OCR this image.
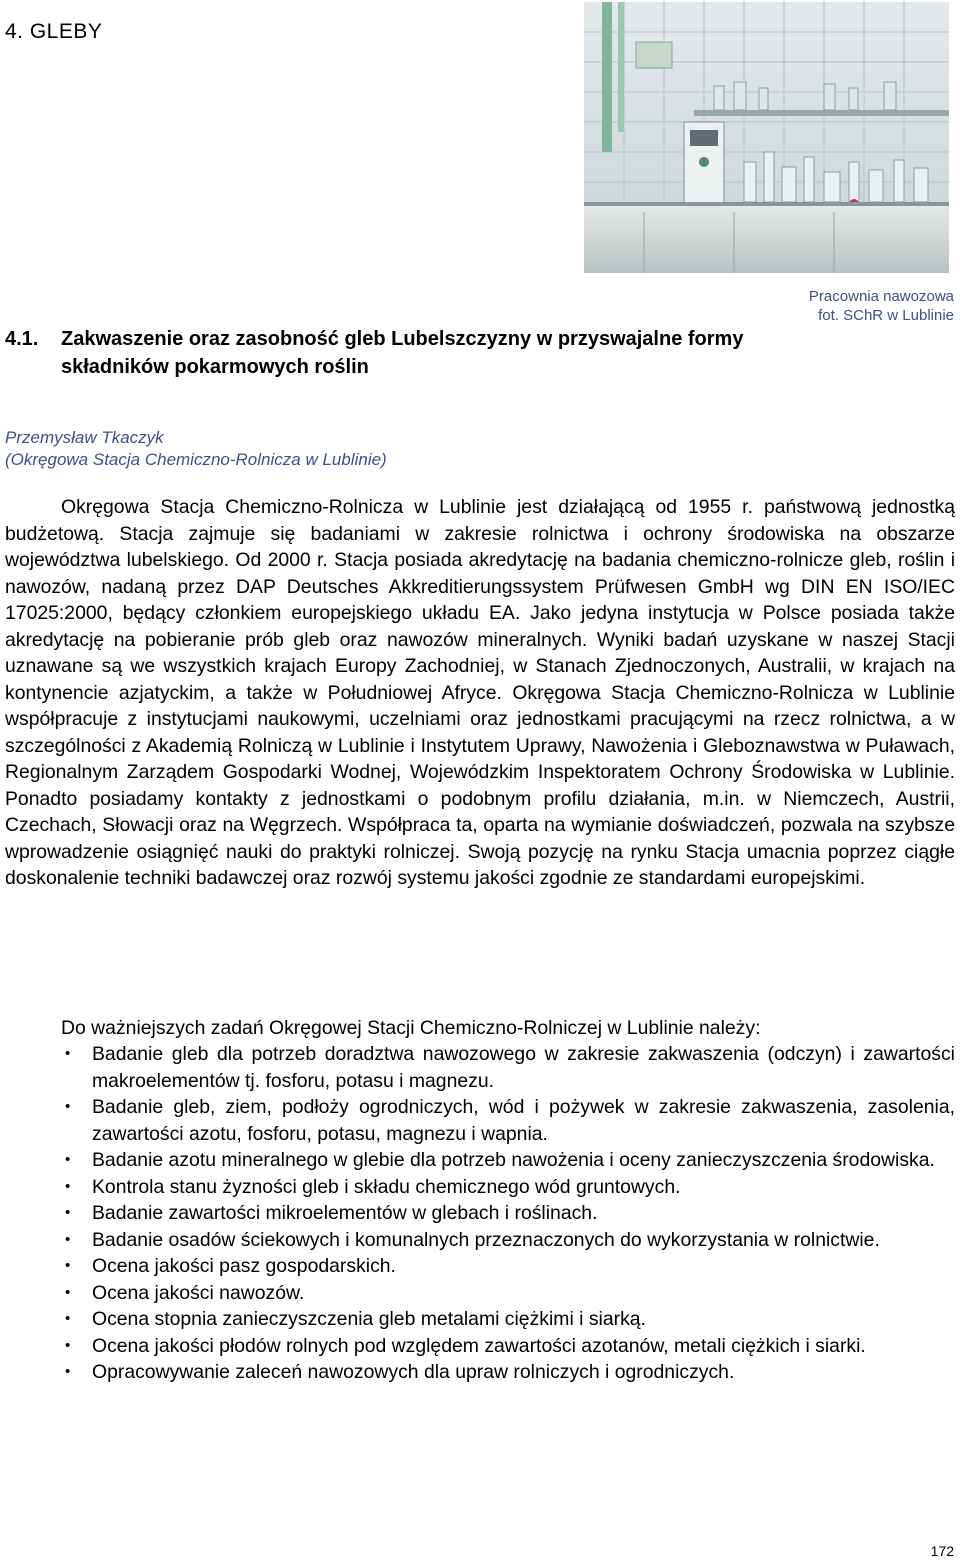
4. GLEBY
Pracownia nawozowa
fot. SChR w Lublinie
4.1. Zakwaszenie oraz zasobność gleb Lubelszczyzny w przyswajalne formy
składników pokarmowych roślin
Przemysław Tkaczyk
(Okręgowa Stacja Chemiczno-Rolnicza w Lublinie)

Okręgowa Stacja Chemiczno-Rolnicza w Lublinie jest działającą od 1955 r. państwową jednostką budżetową. Stacja zajmuje się badaniami w zakresie rolnictwa i ochrony środowiska na obszarze województwa lubelskiego. Od 2000 r. Stacja posiada akredytację na badania chemiczno-rolnicze gleb, roślin i nawozów, nadaną przez DAP Deutsches Akkreditierungssystem Prüfwesen GmbH wg DIN EN ISO/IEC 17025:2000, będący członkiem europejskiego układu EA. Jako jedyna instytucja w Polsce posiada także akredytację na pobieranie prób gleb oraz nawozów mineralnych. Wyniki badań uzyskane w naszej Stacji uznawane są we wszystkich krajach Europy Zachodniej, w Stanach Zjednoczonych, Australii, w krajach na kontynencie azjatyckim, a także w Południowej Afryce. Okręgowa Stacja Chemiczno-Rolnicza w Lublinie współpracuje z instytucjami naukowymi, uczelniami oraz jednostkami pracującymi na rzecz rolnictwa, a w szczególności z Akademią Rolniczą w Lublinie i Instytutem Uprawy, Nawożenia i Gleboznawstwa w Puławach, Regionalnym Zarządem Gospodarki Wodnej, Wojewódzkim Inspektoratem Ochrony Środowiska w Lublinie. Ponadto posiadamy kontakty z jednostkami o podobnym profilu działania, m.in. w Niemczech, Austrii, Czechach, Słowacji oraz na Węgrzech. Współpraca ta, oparta na wymianie doświadczeń, pozwala na szybsze wprowadzenie osiągnięć nauki do praktyki rolniczej. Swoją pozycję na rynku Stacja umacnia poprzez ciągłe doskonalenie techniki badawczej oraz rozwój systemu jakości zgodnie ze standardami europejskimi.

Do ważniejszych zadań Okręgowej Stacji Chemiczno-Rolniczej w Lublinie należy:
• Badanie gleb dla potrzeb doradztwa nawozowego w zakresie zakwaszenia (odczyn) i zawartości makroelementów tj. fosforu, potasu i magnezu.
• Badanie gleb, ziem, podłoży ogrodniczych, wód i pożywek w zakresie zakwaszenia, zasolenia, zawartości azotu, fosforu, potasu, magnezu i wapnia.
• Badanie azotu mineralnego w glebie dla potrzeb nawożenia i oceny zanieczyszczenia środowiska.
• Kontrola stanu żyzności gleb i składu chemicznego wód gruntowych.
• Badanie zawartości mikroelementów w glebach i roślinach.
• Badanie osadów ściekowych i komunalnych przeznaczonych do wykorzystania w rolnictwie.
• Ocena jakości pasz gospodarskich.
• Ocena jakości nawozów.
• Ocena stopnia zanieczyszczenia gleb metalami ciężkimi i siarką.
• Ocena jakości płodów rolnych pod względem zawartości azotanów, metali ciężkich i siarki.
• Opracowywanie zaleceń nawozowych dla upraw rolniczych i ogrodniczych.
172
